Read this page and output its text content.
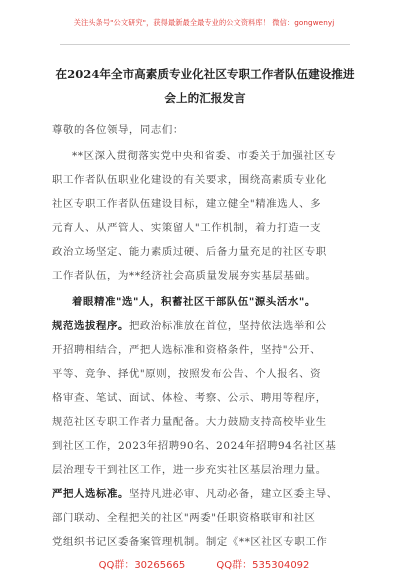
关注头条号"公文研究"，获得最新最全最专业的公文资料库！ 微信：gongwenyj
在2024年全市高素质专业化社区专职工作者队伍建设推进
会上的汇报发言
尊敬的各位领导，同志们：
**区深入贯彻落实党中央和省委、市委关于加强社区专
职工作者队伍职业化建设的有关要求，围绕高素质专业化
社区专职工作者队伍建设目标，建立健全"精准选人、多
元育人、从严管人、实策留人"工作机制，着力打造一支
政治立场坚定、能力素质过硬、后备力量充足的社区专职
工作者队伍，为**经济社会高质量发展夯实基层基础。
着眼精准"选"人，积蓄社区干部队伍"源头活水"。
规范选拔程序。把政治标准放在首位，坚持依法选举和公
开招聘相结合，严把人选标准和资格条件，坚持"公开、
平等、竞争、择优"原则，按照发布公告、个人报名、资
格审查、笔试、面试、体检、考察、公示、聘用等程序，
规范社区专职工作者力量配备。大力鼓励支持高校毕业生
到社区工作，2023年招聘90名、2024年招聘94名社区基
层治理专干到社区工作，进一步充实社区基层治理力量。
严把人选标准。坚持凡进必审、凡动必备，建立区委主导、
部门联动、全程把关的社区"两委"任职资格联审和社区
党组织书记区委备案管理机制。制定《**区社区专职工作
QQ群：30265665	QQ群：535304092
